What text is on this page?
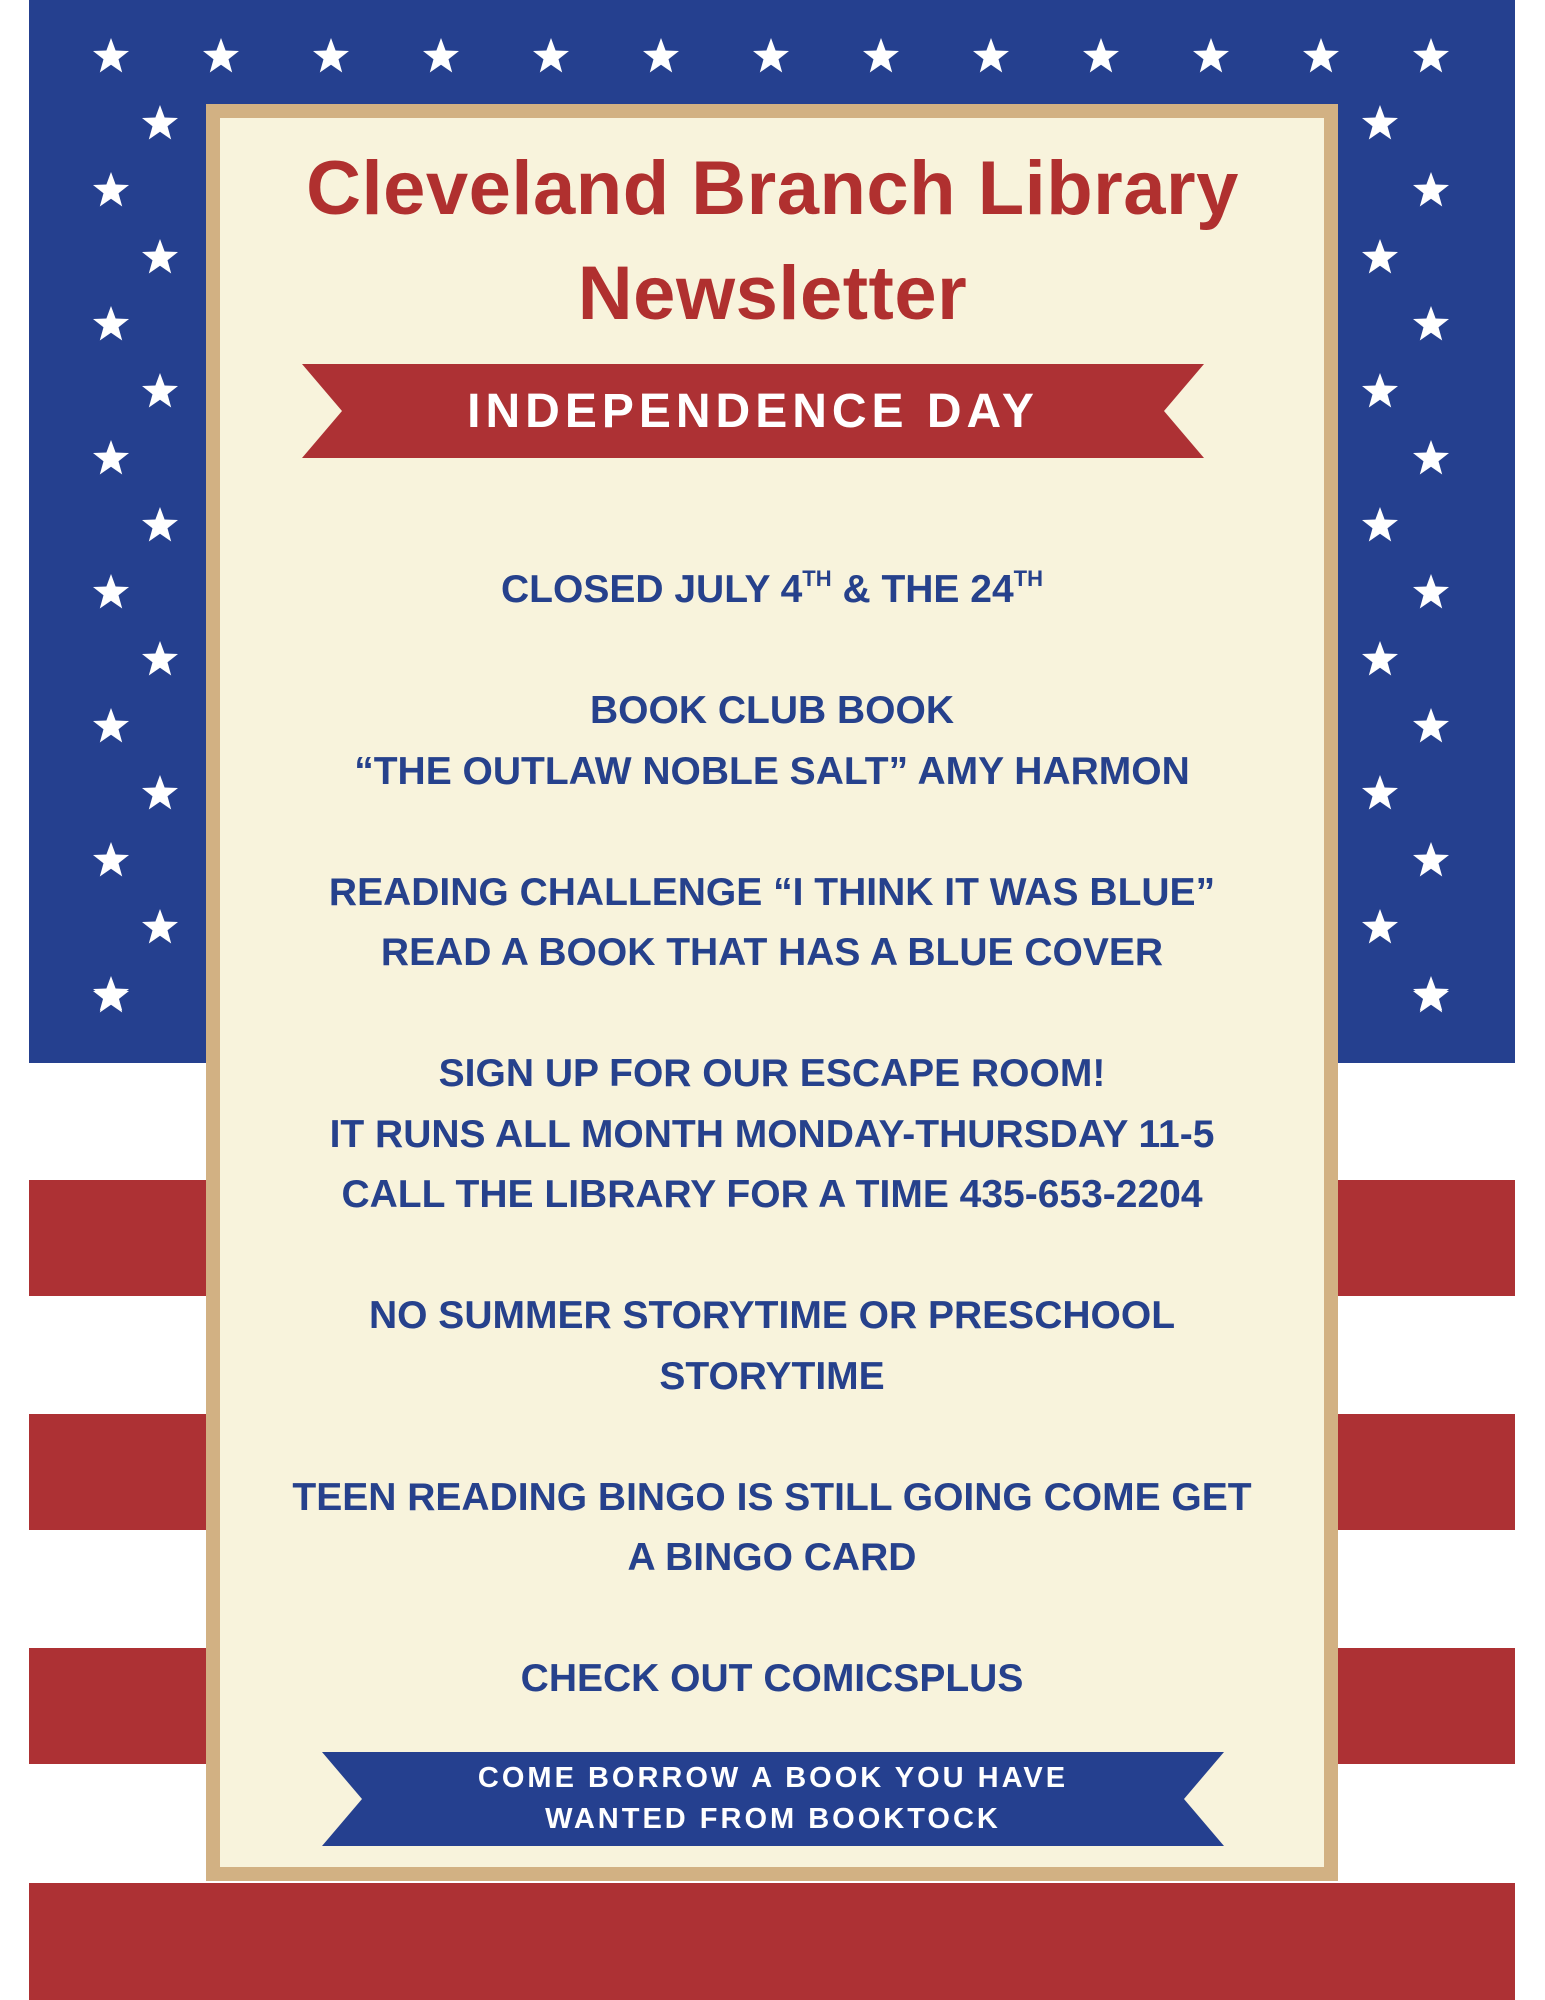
Cleveland Branch Library
Newsletter
INDEPENDENCE DAY

CLOSED JULY 4TH & THE 24TH

BOOK CLUB BOOK
“THE OUTLAW NOBLE SALT” AMY HARMON

READING CHALLENGE “I THINK IT WAS BLUE”
READ A BOOK THAT HAS A BLUE COVER

SIGN UP FOR OUR ESCAPE ROOM!
IT RUNS ALL MONTH MONDAY-THURSDAY 11-5
CALL THE LIBRARY FOR A TIME 435-653-2204

NO SUMMER STORYTIME OR PRESCHOOL
STORYTIME

TEEN READING BINGO IS STILL GOING COME GET
A BINGO CARD

CHECK OUT COMICSPLUS

COME BORROW A BOOK YOU HAVE
WANTED FROM BOOKTOCK
